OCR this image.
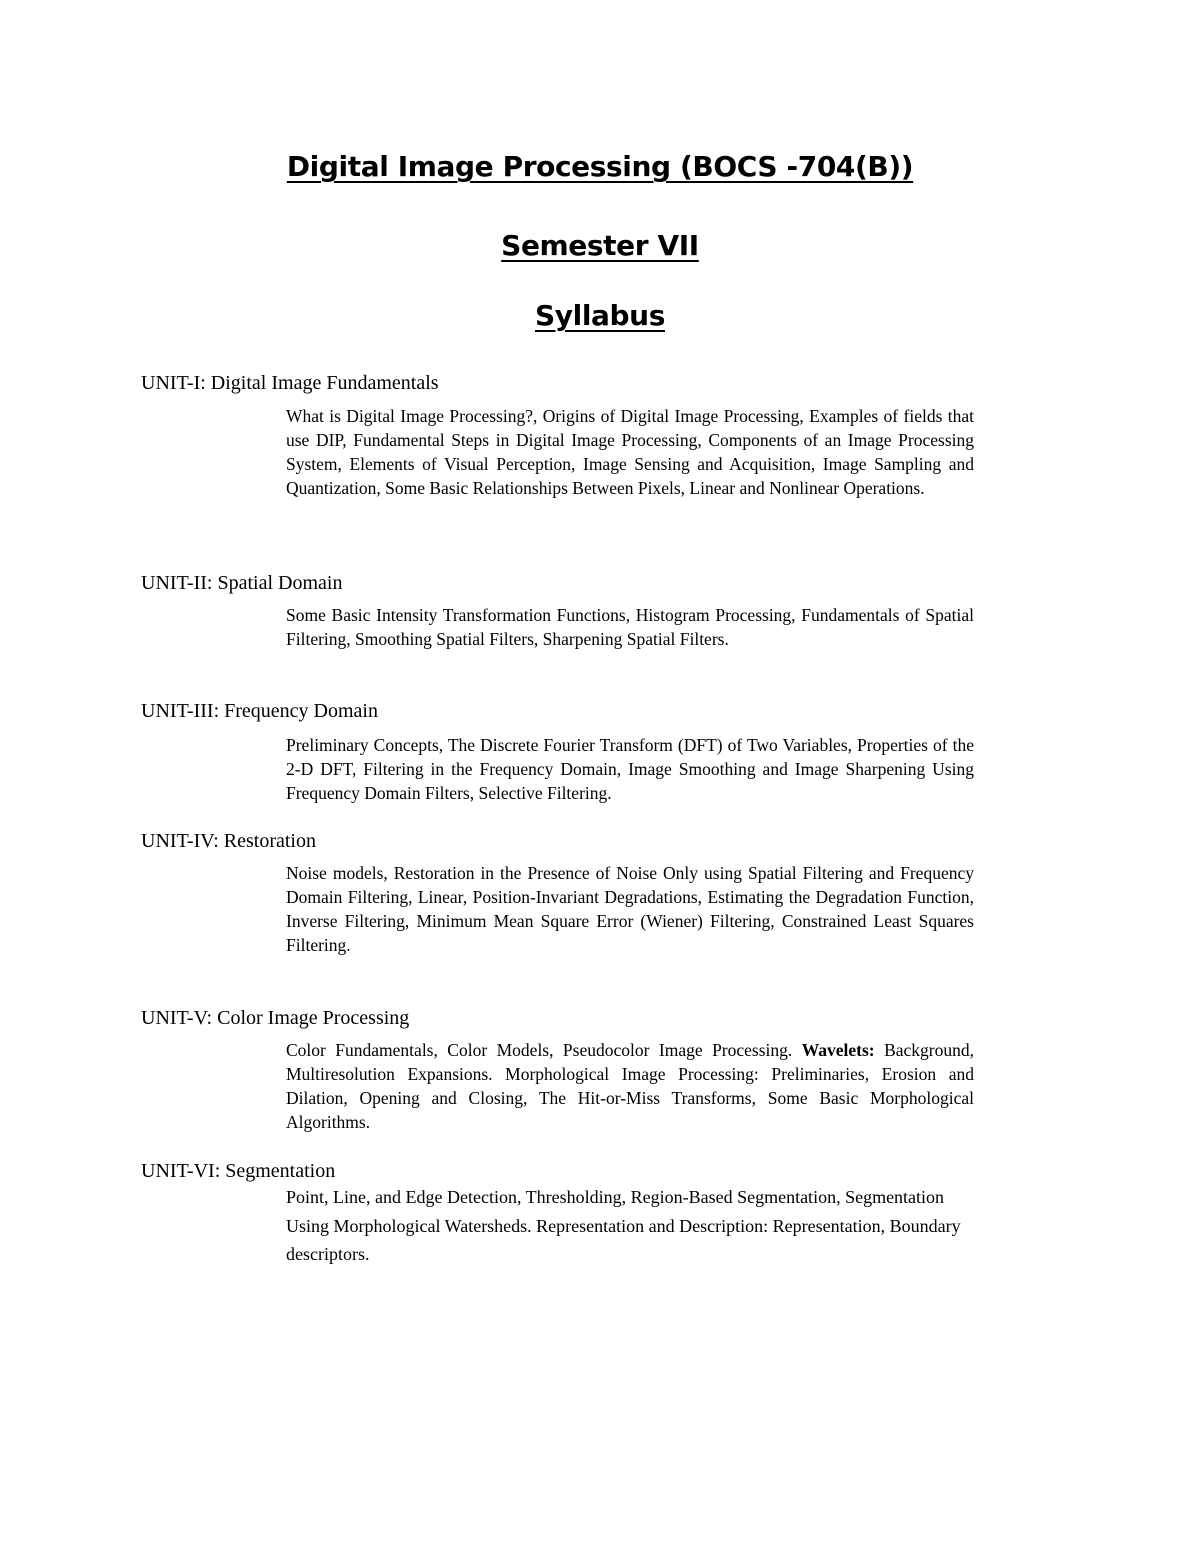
Digital Image Processing (BOCS -704(B))
Semester VII
Syllabus
UNIT-I: Digital Image Fundamentals
What is Digital Image Processing?, Origins of Digital Image Processing, Examples of fields that use DIP, Fundamental Steps in Digital Image Processing, Components of an Image Processing System, Elements of Visual Perception, Image Sensing and Acquisition, Image Sampling and Quantization, Some Basic Relationships Between Pixels, Linear and Nonlinear Operations.
UNIT-II: Spatial Domain
Some Basic Intensity Transformation Functions, Histogram Processing, Fundamentals of Spatial Filtering, Smoothing Spatial Filters, Sharpening Spatial Filters.
UNIT-III: Frequency Domain
Preliminary Concepts, The Discrete Fourier Transform (DFT) of Two Variables, Properties of the 2-D DFT, Filtering in the Frequency Domain, Image Smoothing and Image Sharpening Using Frequency Domain Filters, Selective Filtering.
UNIT-IV: Restoration
Noise models, Restoration in the Presence of Noise Only using Spatial Filtering and Frequency Domain Filtering, Linear, Position-Invariant Degradations, Estimating the Degradation Function, Inverse Filtering, Minimum Mean Square Error (Wiener) Filtering, Constrained Least Squares Filtering.
UNIT-V: Color Image Processing
Color Fundamentals, Color Models, Pseudocolor Image Processing. Wavelets: Background, Multiresolution Expansions. Morphological Image Processing: Preliminaries, Erosion and Dilation, Opening and Closing, The Hit-or-Miss Transforms, Some Basic Morphological Algorithms.
UNIT-VI: Segmentation
Point, Line, and Edge Detection, Thresholding, Region-Based Segmentation, Segmentation Using Morphological Watersheds. Representation and Description: Representation, Boundary descriptors.
